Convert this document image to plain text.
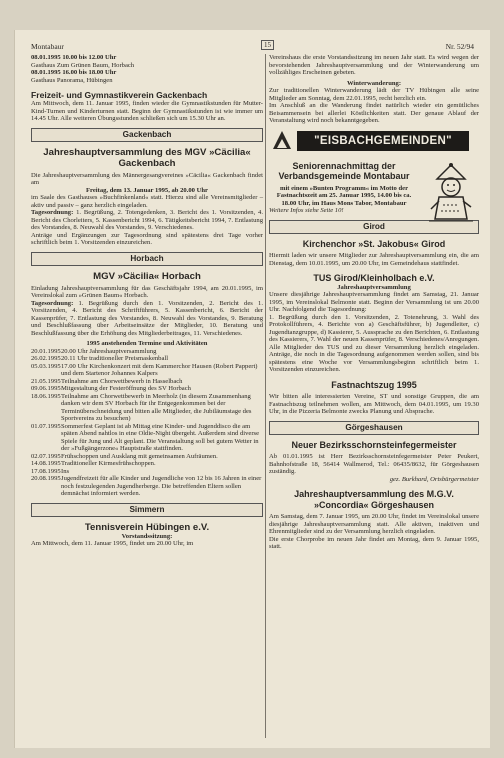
Montabaur	15	Nr. 52/94
08.01.1995 10.00 bis 12.00 Uhr
Gasthaus Zum Grünen Baum, Horbach
08.01.1995 16.00 bis 18.00 Uhr
Gasthaus Panorama, Hübingen
Freizeit- und Gymnastikverein Gackenbach
Am Mittwoch, dem 11. Januar 1995, finden wieder die Gymnastikstunden für Mutter-Kind-Turnen und Kinderturnen statt. Beginn der Gymnastikstunden ist wie immer um 14.45 Uhr. Alle weiteren Übungsstunden schließen sich um 15.30 Uhr an.
Gackenbach
Jahreshauptversammlung des MGV »Cäcilia« Gackenbach
Die Jahreshauptversammlung des Männergesangvereines »Cäcilia« Gackenbach findet am
Freitag, dem 13. Januar 1995, ab 20.00 Uhr
im Saale des Gasthauses »Buchfinkenland« statt. Hierzu sind alle Vereinsmitglieder – aktiv und passiv – ganz herzlich eingeladen.
Tagesordnung: 1. Begrüßung, 2. Totengedenken, 3. Bericht des 1. Vorsitzenden, 4. Bericht des Chorleiters, 5. Kassenbericht 1994, 6. Tätigkeitsbericht 1994, 7. Entlastung des Vorstandes, 8. Neuwahl des Vorstandes, 9. Verschiedenes.
Anträge und Ergänzungen zur Tagesordnung sind spätestens drei Tage vorher schriftlich beim 1. Vorsitzenden einzureichen.
Horbach
MGV »Cäcilia« Horbach
Einladung Jahreshauptversammlung für das Geschäftsjahr 1994, am 20.01.1995, im Vereinslokal zum »Grünen Baum« Horbach.
Tagesordnung: 1. Begrüßung durch den 1. Vorsitzenden, 2. Bericht des 1. Vorsitzenden, 4. Bericht des Schriftführers, 5. Kassenbericht, 6. Bericht der Kassenprüfer, 7. Entlastung des Vorstandes, 8. Neuwahl des Vorstandes, 9. Beratung und Beschlußfassung über Arbeitseinsätze der Mitglieder, 10. Beratung und Beschlußfassung über die Erhöhung des Mitgliederbeitrages, 11. Verschiedenes.
1995 anstehenden Termine und Aktivitäten
20.01.1995	20.00 Uhr Jahreshauptversammlung
26.02.1995	20.11 Uhr traditioneller Preismaskenball
05.03.1995	17.00 Uhr Kirchenkonzert mit dem Kammerchor Hausen (Robert Pappert) und dem Startenor Johannes Kalpers
21.05.1995	Teilnahme am Chorwettbewerb in Hasselbach
09.06.1995	Mitgestaltung der Festeröffnung des SV Horbach
18.06.1995	Teilnahme am Chorwettbewerb in Meerholz (in diesem Zusammenhang danken wir dem SV Horbach für ihr Entgegenkommen bei der Terminüberschneidung und bitten alle Mitglieder, die Jubiläumstage des Sportvereins zu besuchen)
01.07.1995	Sommerfest Geplant ist ab Mittag eine Kinder- und Jugenddisco die am späten Abend nahtlos in eine Oldie-Night übergeht. Außerdem sind diverse Spiele für Jung und Alt geplant. Die Veranstaltung soll bei gutem Wetter in der »Fußgängerzone« Hauptstraße stattfinden.
02.07.1995	Frühschoppen und Ausklang mit gemeinsamen Aufräumen.
14.08.1995	Traditioneller Kirmesfrühschoppen.
17.08.1995	Ins
20.08.1995	Jugendfreizeit für alle Kinder und Jugendliche von 12 bis 16 Jahren in einer noch festzulegenden Jugendherberge. Die betreffenden Eltern sollen demnächst informiert werden.
Simmern
Tennisverein Hübingen e.V.
Vorstandssitzung:
Am Mittwoch, dem 11. Januar 1995, findet um 20.00 Uhr, im
Vereinshaus die erste Vorstandssitzung im neuen Jahr statt. Es wird wegen der bevorstehenden Jahreshauptversammlung und der Winterwanderung um vollzähliges Erscheinen gebeten.
Winterwanderung:
Zur traditionellen Winterwanderung lädt der TV Hübingen alle seine Mitglieder am Sonntag, dem 22.01.1995, recht herzlich ein.
Im Anschluß an die Wanderung findet natürlich wieder ein gemütliches Beisammensein bei allerlei Köstlichkeiten statt. Der genaue Ablauf der Veranstaltung wird noch bekanntgegeben.
"EISBACHGEMEINDEN"
Seniorennachmittag der Verbandsgemeinde Montabaur
mit einem »Bunten Programm« im Motto der Fastnachtszeit am 25. Januar 1995, 14.00 bis ca. 18.00 Uhr, im Haus Mons Tabor, Montabaur
Weitere Infos siehe Seite 10!
Girod
Kirchenchor »St. Jakobus« Girod
Hiermit laden wir unsere Mitglieder zur Jahreshauptversammlung ein, die am Dienstag, dem 10.01.1995, um 20.00 Uhr, im Gemeindehaus stattfindet.
TUS Girod/Kleinholbach e.V.
Jahreshauptversammlung
Unsere diesjährige Jahreshauptversammlung findet am Samstag, 21. Januar 1995, im Vereinslokal Belmonte statt. Beginn der Versammlung ist um 20.00 Uhr. Nachfolgend die Tagesordnung:
1. Begrüßung durch den 1. Vorsitzenden, 2. Totenehrung, 3. Wahl des Protokollführers, 4. Berichte von a) Geschäftsführer, b) Jugendleiter, c) Jugendtanzgruppe, d) Kassierer, 5. Aussprache zu den Berichten, 6. Entlastung des Kassierers, 7. Wahl der neuen Kassenprüfer, 8. Verschiedenes/Anregungen. Alle Mitglieder des TUS und zu dieser Versammlung herzlich eingeladen. Anträge, die noch in die Tagesordnung aufgenommen werden sollen, sind bis spätestens eine Woche vor Versammlungsbeginn schriftlich beim 1. Vorsitzenden einzureichen.
Fastnachtszug 1995
Wir bitten alle interessierten Vereine, ST und sonstige Gruppen, die am Fastnachtszug teilnehmen wollen, am Mittwoch, dem 04.01.1995, um 19.30 Uhr, in die Pizzeria Belmonte zwecks Planung und Absprache.
Görgeshausen
Neuer Bezirksschornsteinfegermeister
Ab 01.01.1995 ist Herr Bezirksschornsteinfegermeister Peter Peukert, Bahnhofstraße 18, 56414 Wallmerod, Tel.: 06435/8632, für Görgeshausen zuständig.
gez. Burkhard, Ortsbürgermeister
Jahreshauptversammlung des M.G.V. »Concordia« Görgeshausen
Am Samstag, dem 7. Januar 1995, um 20.00 Uhr, findet im Vereinslokal unsere diesjährige Jahreshauptversammlung statt. Alle aktiven, inaktiven und Ehrenmitglieder sind zu der Versammlung herzlich eingeladen.
Die erste Chorprobe im neuen Jahr findet am Montag, dem 9. Januar 1995, statt.
